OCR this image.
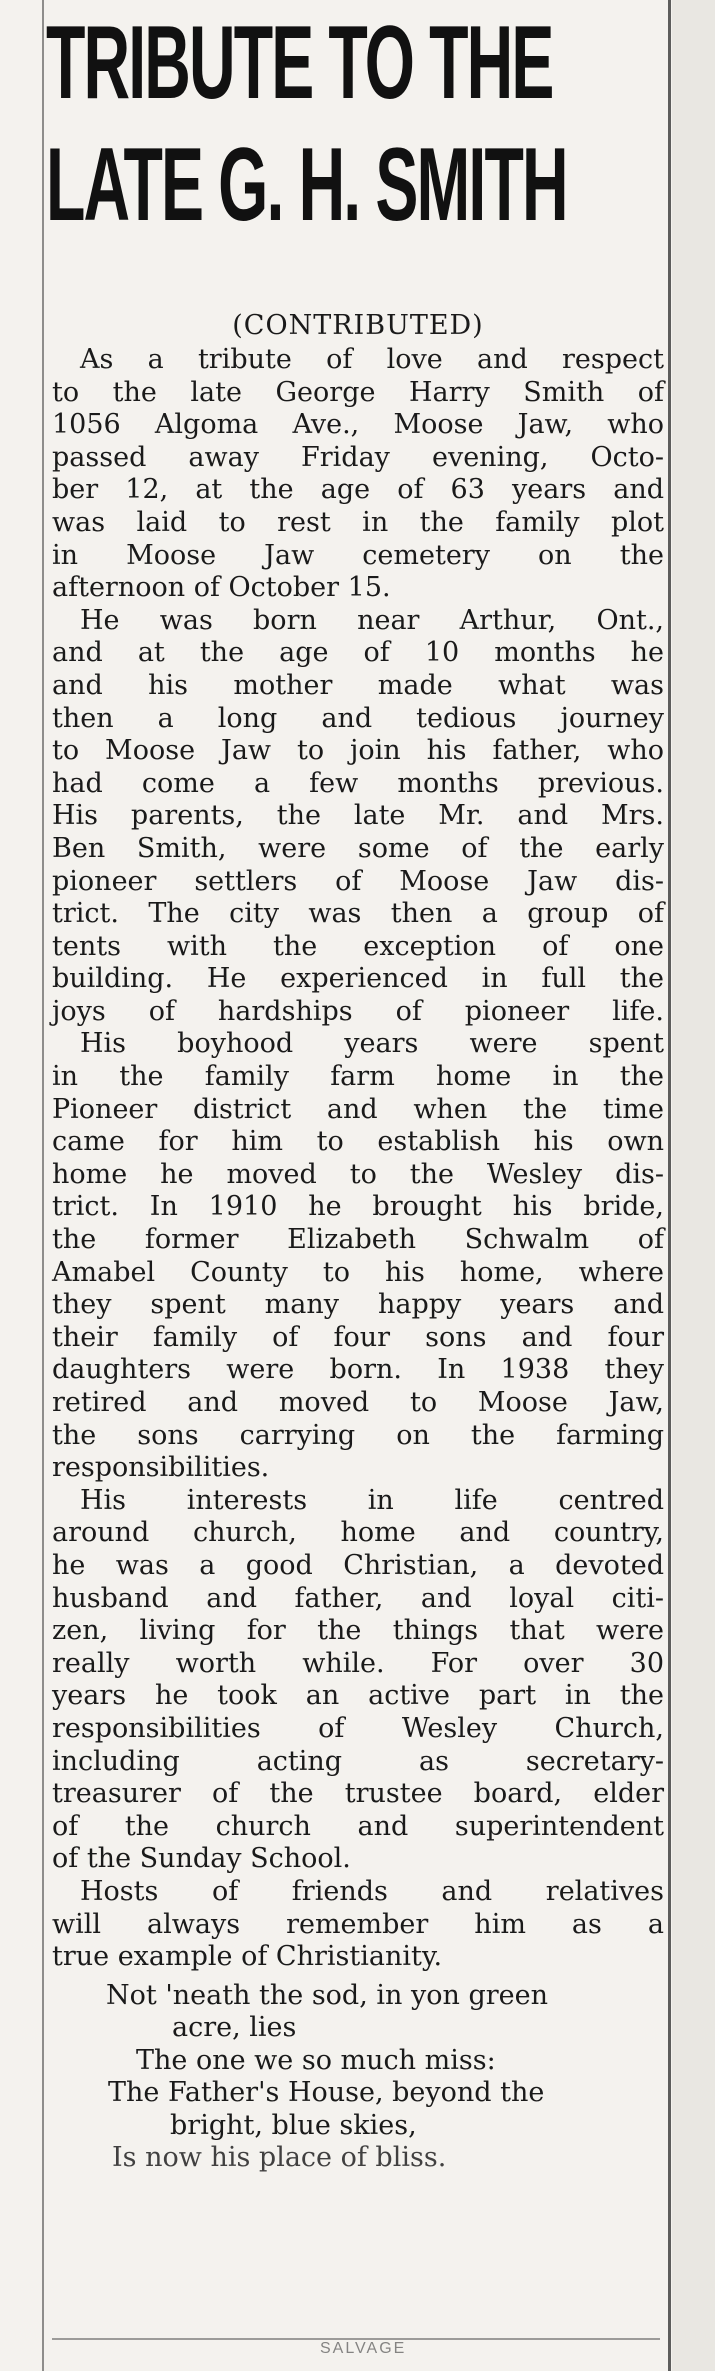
TRIBUTE TO THE
LATE G. H. SMITH
(CONTRIBUTED)

As a tribute of love and respect
to the late George Harry Smith of
1056 Algoma Ave., Moose Jaw, who
passed away Friday evening, Octo-
ber 12, at the age of 63 years and
was laid to rest in the family plot
in Moose Jaw cemetery on the
afternoon of October 15.

He was born near Arthur, Ont.,
and at the age of 10 months he
and his mother made what was
then a long and tedious journey
to Moose Jaw to join his father, who
had come a few months previous.
His parents, the late Mr. and Mrs.
Ben Smith, were some of the early
pioneer settlers of Moose Jaw dis-
trict. The city was then a group of
tents with the exception of one
building. He experienced in full the
joys of hardships of pioneer life.

His boyhood years were spent
in the family farm home in the
Pioneer district and when the time
came for him to establish his own
home he moved to the Wesley dis-
trict. In 1910 he brought his bride,
the former Elizabeth Schwalm of
Amabel County to his home, where
they spent many happy years and
their family of four sons and four
daughters were born. In 1938 they
retired and moved to Moose Jaw,
the sons carrying on the farming
responsibilities.

His interests in life centred
around church, home and country,
he was a good Christian, a devoted
husband and father, and loyal citi-
zen, living for the things that were
really worth while. For over 30
years he took an active part in the
responsibilities of Wesley Church,
including acting as secretary-
treasurer of the trustee board, elder
of the church and superintendent
of the Sunday School.

Hosts of friends and relatives
will always remember him as a
true example of Christianity.

Not 'neath the sod, in yon green
acre, lies
The one we so much miss:
The Father's House, beyond the
bright, blue skies,
Is now his place of bliss.
SALVAGE
